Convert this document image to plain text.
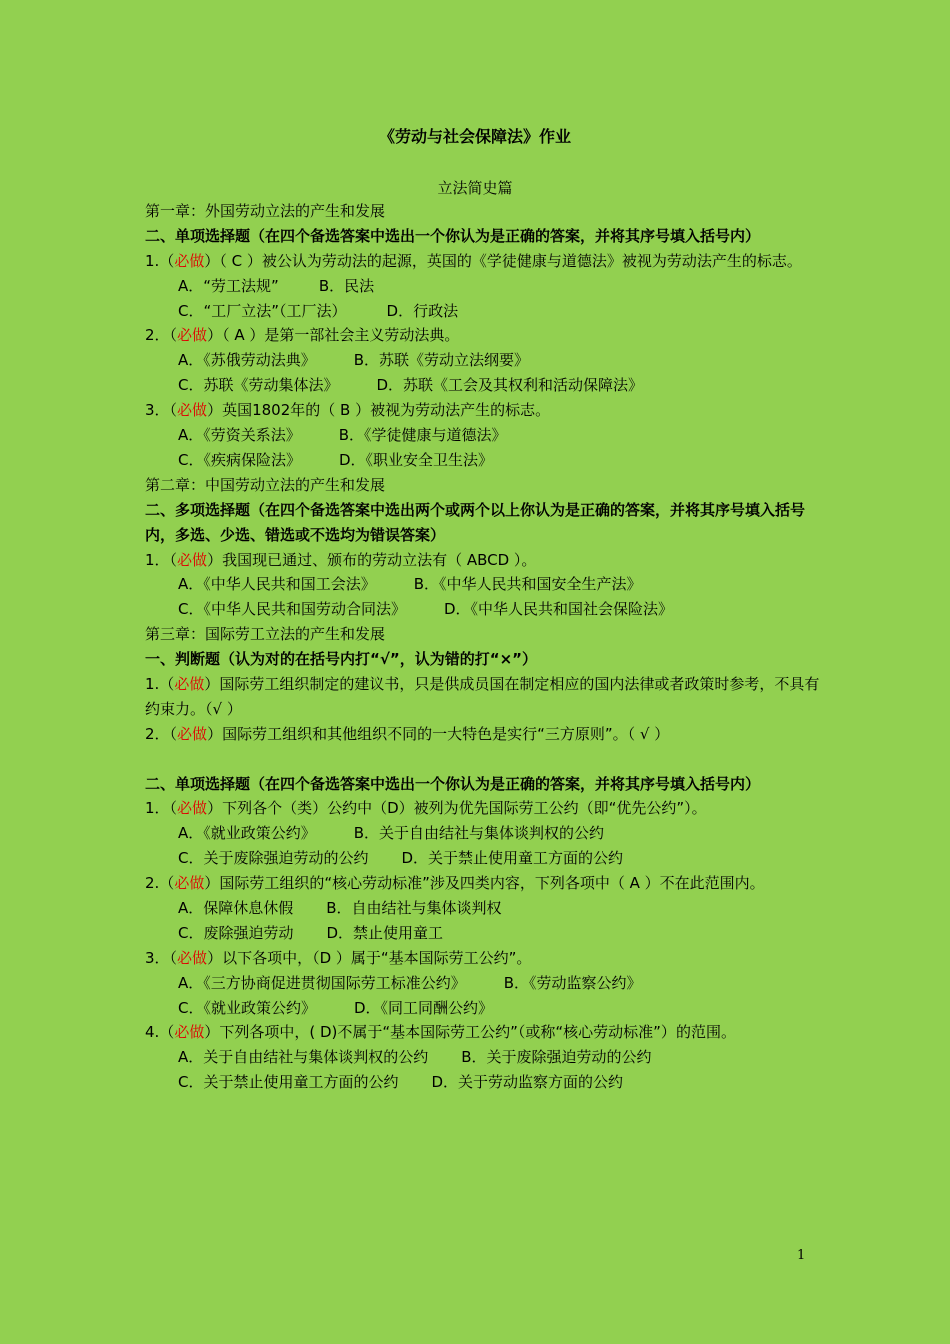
《劳动与社会保障法》作业
立法简史篇
第一章：外国劳动立法的产生和发展
二、单项选择题（在四个备选答案中选出一个你认为是正确的答案，并将其序号填入括号内）
1.（必做）（ C ）被公认为劳动法的起源，英国的《学徒健康与道德法》被视为劳动法产生的标志。
A．“劳工法规”	B．民法
C．“工厂立法”（工厂法）	D．行政法
2．（必做）（ A ）是第一部社会主义劳动法典。
A．《苏俄劳动法典》	B．苏联《劳动立法纲要》
C．苏联《劳动集体法》	D．苏联《工会及其权利和活动保障法》
3．（必做）英国1802年的（ B ）被视为劳动法产生的标志。
A．《劳资关系法》	B．《学徒健康与道德法》
C．《疾病保险法》	D．《职业安全卫生法》
第二章：中国劳动立法的产生和发展
二、多项选择题（在四个备选答案中选出两个或两个以上你认为是正确的答案，并将其序号填入括号内，多选、少选、错选或不选均为错误答案）
1．（必做）我国现已通过、颁布的劳动立法有（ ABCD ）。
A．《中华人民共和国工会法》	B．《中华人民共和国安全生产法》
C．《中华人民共和国劳动合同法》	D．《中华人民共和国社会保险法》
第三章：国际劳工立法的产生和发展
一、判断题（认为对的在括号内打“√”，认为错的打“×”）
1.（必做）国际劳工组织制定的建议书，只是供成员国在制定相应的国内法律或者政策时参考，不具有约束力。（√ ）
2．（必做）国际劳工组织和其他组织不同的一大特色是实行“三方原则”。（ √ ）
二、单项选择题（在四个备选答案中选出一个你认为是正确的答案，并将其序号填入括号内）
1．（必做）下列各个（类）公约中（D）被列为优先国际劳工公约（即“优先公约”）。
A．《就业政策公约》	B．关于自由结社与集体谈判权的公约
C．关于废除强迫劳动的公约 D．关于禁止使用童工方面的公约
2.（必做）国际劳工组织的“核心劳动标准”涉及四类内容，下列各项中（ A ）不在此范围内。
A．保障休息休假 B．自由结社与集体谈判权
C．废除强迫劳动 D．禁止使用童工
3．（必做）以下各项中，（D ）属于“基本国际劳工公约”。
A．《三方协商促进贯彻国际劳工标准公约》	B．《劳动监察公约》
C．《就业政策公约》	D．《同工同酬公约》
4.（必做）下列各项中，( D)不属于“基本国际劳工公约”（或称“核心劳动标准”）的范围。
A．关于自由结社与集体谈判权的公约 B．关于废除强迫劳动的公约
C．关于禁止使用童工方面的公约 D．关于劳动监察方面的公约
1
